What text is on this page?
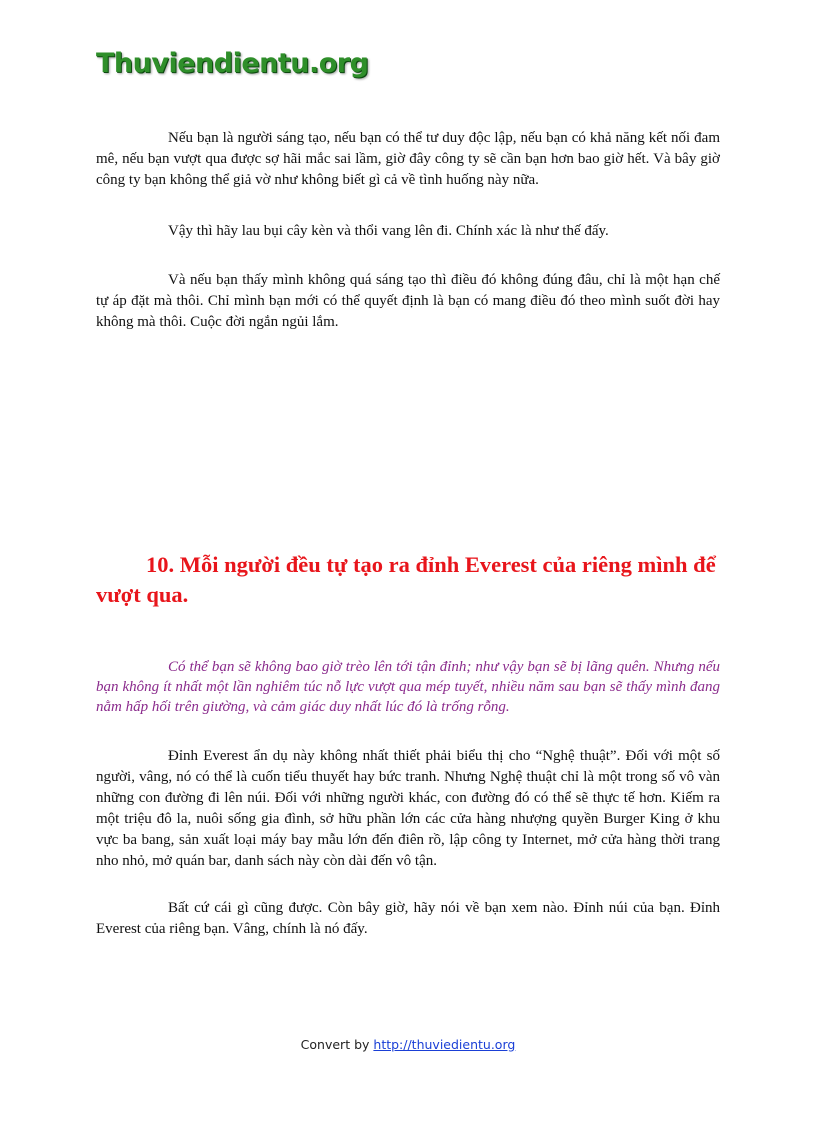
Thuviendientu.org

Nếu bạn là người sáng tạo, nếu bạn có thể tư duy độc lập, nếu bạn có khả năng kết nối đam mê, nếu bạn vượt qua được sợ hãi mắc sai lầm, giờ đây công ty sẽ cần bạn hơn bao giờ hết. Và bây giờ công ty bạn không thể giả vờ như không biết gì cả về tình huống này nữa.

Vậy thì hãy lau bụi cây kèn và thổi vang lên đi. Chính xác là như thế đấy.

Và nếu bạn thấy mình không quá sáng tạo thì điều đó không đúng đâu, chỉ là một hạn chế tự áp đặt mà thôi. Chỉ mình bạn mới có thể quyết định là bạn có mang điều đó theo mình suốt đời hay không mà thôi. Cuộc đời ngắn ngủi lắm.

10. Mỗi người đều tự tạo ra đỉnh Everest của riêng mình để vượt qua.

Có thể bạn sẽ không bao giờ trèo lên tới tận đỉnh; như vậy bạn sẽ bị lãng quên. Nhưng nếu bạn không ít nhất một lần nghiêm túc nỗ lực vượt qua mép tuyết, nhiều năm sau bạn sẽ thấy mình đang nằm hấp hối trên giường, và cảm giác duy nhất lúc đó là trống rỗng.

Đỉnh Everest ẩn dụ này không nhất thiết phải biểu thị cho “Nghệ thuật”. Đối với một số người, vâng, nó có thể là cuốn tiểu thuyết hay bức tranh. Nhưng Nghệ thuật chỉ là một trong số vô vàn những con đường đi lên núi. Đối với những người khác, con đường đó có thể sẽ thực tế hơn. Kiếm ra một triệu đô la, nuôi sống gia đình, sở hữu phần lớn các cửa hàng nhượng quyền Burger King ở khu vực ba bang, sản xuất loại máy bay mẫu lớn đến điên rồ, lập công ty Internet, mở cửa hàng thời trang nho nhỏ, mở quán bar, danh sách này còn dài đến vô tận.

Bất cứ cái gì cũng được. Còn bây giờ, hãy nói về bạn xem nào. Đỉnh núi của bạn. Đỉnh Everest của riêng bạn. Vâng, chính là nó đấy.

Convert by http://thuviedientu.org
